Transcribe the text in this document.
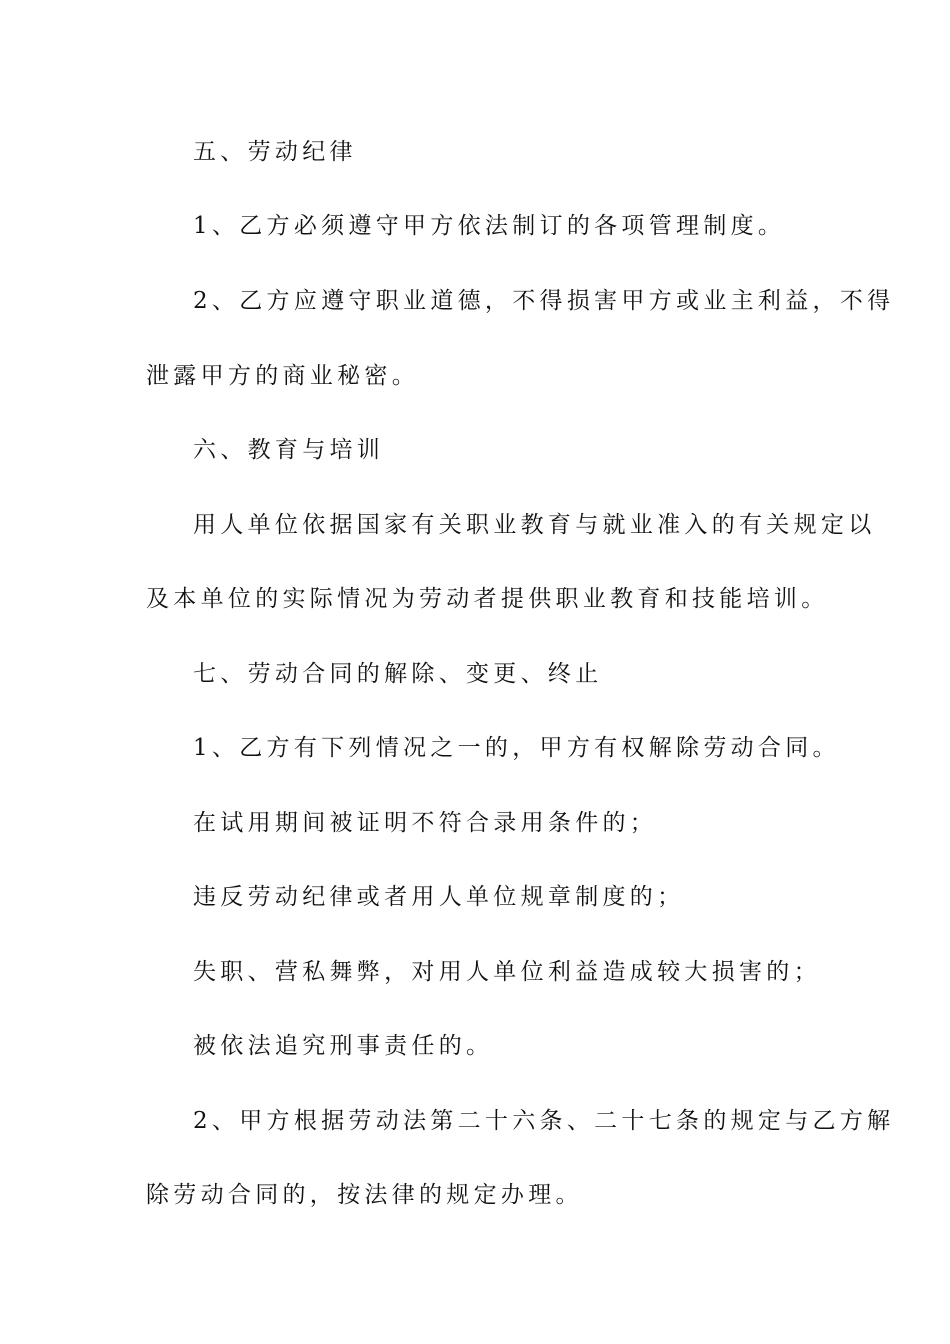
五、劳动纪律
1、乙方必须遵守甲方依法制订的各项管理制度。
2、乙方应遵守职业道德，不得损害甲方或业主利益，不得
泄露甲方的商业秘密。
六、教育与培训
用人单位依据国家有关职业教育与就业准入的有关规定以
及本单位的实际情况为劳动者提供职业教育和技能培训。
七、劳动合同的解除、变更、终止
1、乙方有下列情况之一的，甲方有权解除劳动合同。
在试用期间被证明不符合录用条件的；
违反劳动纪律或者用人单位规章制度的；
失职、营私舞弊，对用人单位利益造成较大损害的；
被依法追究刑事责任的。
2、甲方根据劳动法第二十六条、二十七条的规定与乙方解
除劳动合同的，按法律的规定办理。
